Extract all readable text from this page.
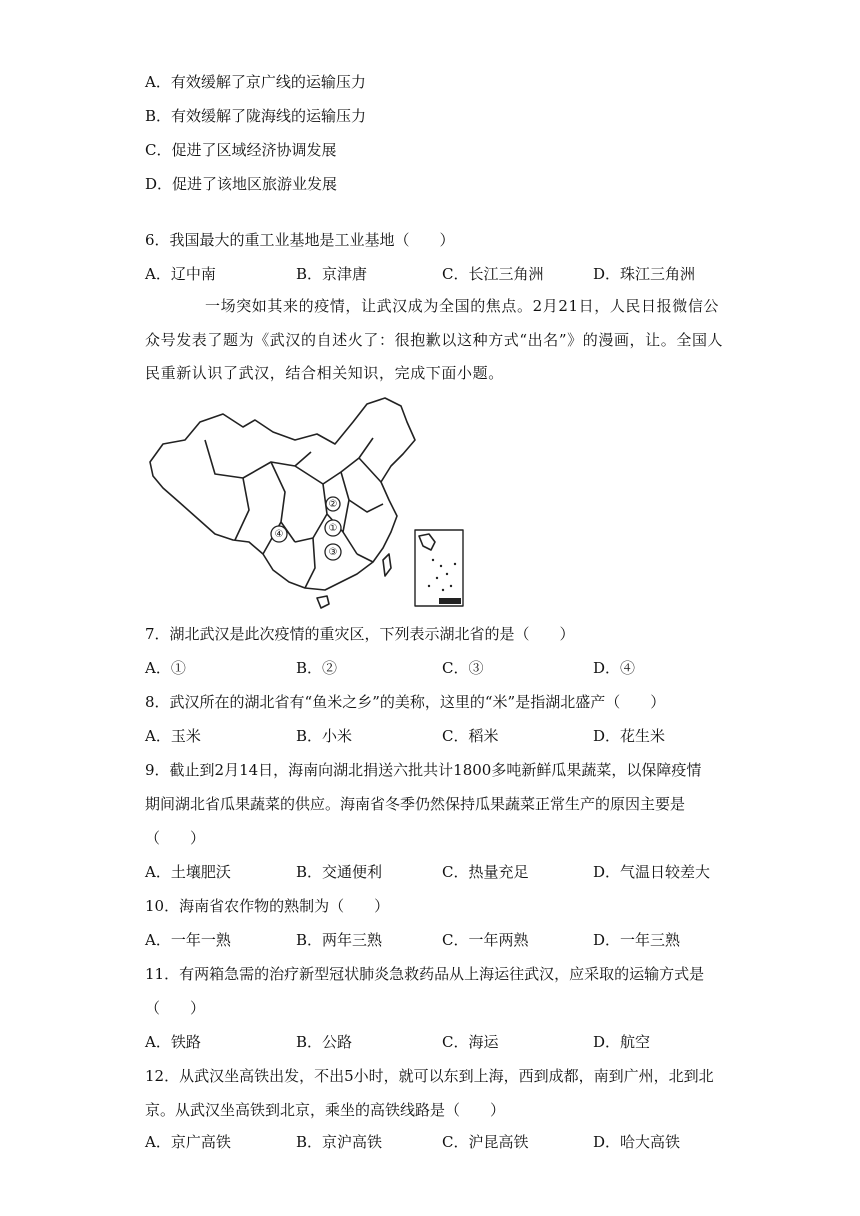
A．有效缓解了京广线的运输压力
B．有效缓解了陇海线的运输压力
C．促进了区域经济协调发展
D．促进了该地区旅游业发展
6．我国最大的重工业基地是工业基地（　　）
A．辽中南	B．京津唐	C．长江三角洲	D．珠江三角洲
一场突如其来的疫情，让武汉成为全国的焦点。2月21日，人民日报微信公
众号发表了题为《武汉的自述火了：很抱歉以这种方式“出名”》的漫画，让。全国人
民重新认识了武汉，结合相关知识，完成下面小题。
①
②
③
④
7．湖北武汉是此次疫情的重灾区，下列表示湖北省的是（　　）
A．①	B．②	C．③	D．④
8．武汉所在的湖北省有“鱼米之乡”的美称，这里的“米”是指湖北盛产（　　）
A．玉米	B．小米	C．稻米	D．花生米
9．截止到2月14日，海南向湖北捐送六批共计1800多吨新鲜瓜果蔬菜，以保障疫情
期间湖北省瓜果蔬菜的供应。海南省冬季仍然保持瓜果蔬菜正常生产的原因主要是
（　　）
A．土壤肥沃	B．交通便利	C．热量充足	D．气温日较差大
10．海南省农作物的熟制为（　　）
A．一年一熟	B．两年三熟	C．一年两熟	D．一年三熟
11．有两箱急需的治疗新型冠状肺炎急救药品从上海运往武汉，应采取的运输方式是
（　　）
A．铁路	B．公路	C．海运	D．航空
12．从武汉坐高铁出发，不出5小时，就可以东到上海，西到成都，南到广州，北到北
京。从武汉坐高铁到北京，乘坐的高铁线路是（　　）
A．京广高铁	B．京沪高铁	C．沪昆高铁	D．哈大高铁
